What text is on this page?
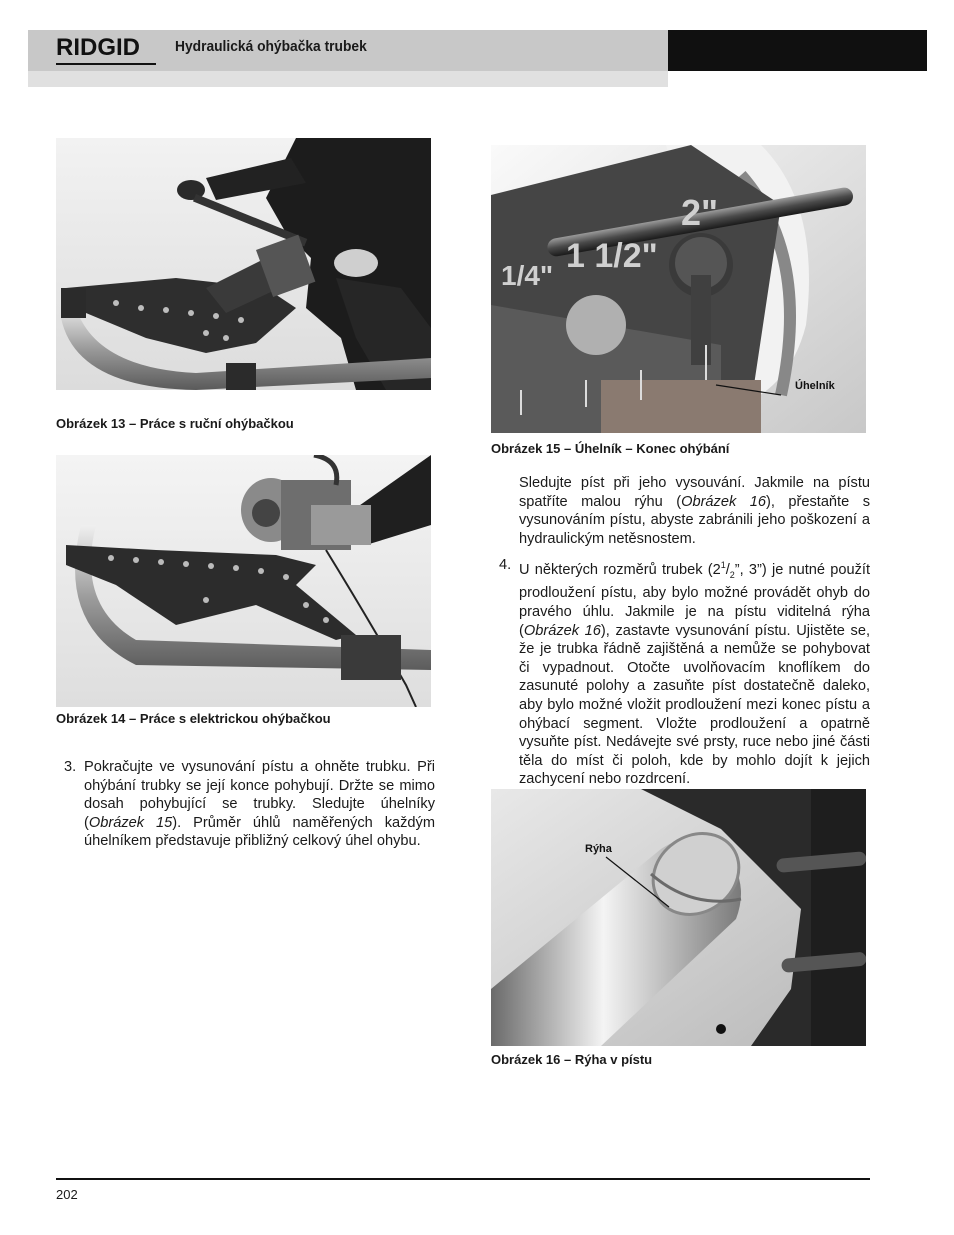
RIDGID Hydraulická ohýbačka trubek
Obrázek 13 – Práce s ruční ohýbačkou
Obrázek 14 – Práce s elektrickou ohýbačkou
3. Pokračujte ve vysunování pístu a ohněte trubku. Při ohýbání trubky se její konce pohybují. Držte se mimo dosah pohybující se trubky. Sledujte úhelníky (Obrázek 15). Průměr úhlů naměřených každým úhelníkem představuje přibližný celkový úhel ohybu.
1/4"
1 1/2"
2"
Úhelník
Obrázek 15 – Úhelník – Konec ohýbání
Sledujte píst při jeho vysouvání. Jakmile na pístu spatříte malou rýhu (Obrázek 16), přestaňte s vysunováním pístu, abyste zabránili jeho poškození a hydraulickým netěsnostem.
4. U některých rozměrů trubek ($2^1/_2$”, 3”) je nutné použít prodloužení pístu, aby bylo možné provádět ohyb do pravého úhlu. Jakmile je na pístu viditelná rýha (Obrázek 16), zastavte vysunování pístu. Ujistěte se, že je trubka řádně zajištěná a nemůže se pohybovat či vypadnout. Otočte uvolňovacím knoflíkem do zasunuté polohy a zasuňte píst dostatečně daleko, aby bylo možné vložit prodloužení mezi konec pístu a ohýbací segment. Vložte prodloužení a opatrně vysuňte píst. Nedávejte své prsty, ruce nebo jiné části těla do míst či poloh, kde by mohlo dojít k jejich zachycení nebo rozdrcení.
Rýha
Obrázek 16 – Rýha v pístu
202
